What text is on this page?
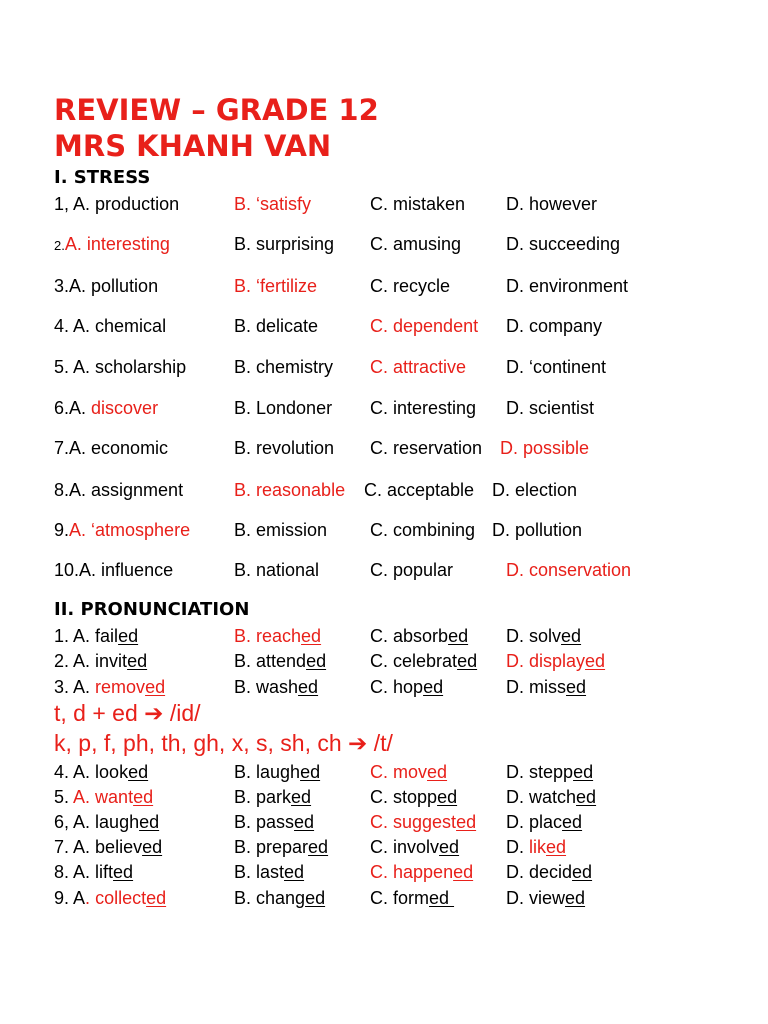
REVIEW – GRADE 12
MRS KHANH VAN
I. STRESS
1, A. production	B. ‘satisfy	C. mistaken D. however
2.A. interesting	B. surprising C. amusing D. succeeding
3.A. pollution	B. ‘fertilize	C. recycle	D. environment
4. A. chemical	B. delicate	C. dependent D. company
5. A. scholarship	B. chemistry C. attractive D. ‘continent
6.A. discover	B. Londoner C. interesting D. scientist
7.A. economic	B. revolution C. reservation D. possible
8.A. assignment	B. reasonable C. acceptable D. election
9.A. ‘atmosphere B. emission C. combining D. pollution
10.A. influence	B. national	C. popular	D. conservation
II. PRONUNCIATION
1. A. failed	B. reached	C. absorbed D. solved
2. A. invited	B. attended C. celebrated D. displayed
3. A. removed	B. washed	C. hoped	D. missed
t, d + ed ➔ /id/
k, p, f, ph, th, gh, x, s, sh, ch ➔ /t/
4. A. looked	B. laughed	C. moved	D. stepped
5. A. wanted	B. parked	C. stopped	D. watched
6, A. laughed	B. passed	C. suggested D. placed
7. A. believed	B. prepared C. involved	D. liked
8. A. lifted	B. lasted	C. happened D. decided
9. A. collected	B. changed C. formed	D. viewed
